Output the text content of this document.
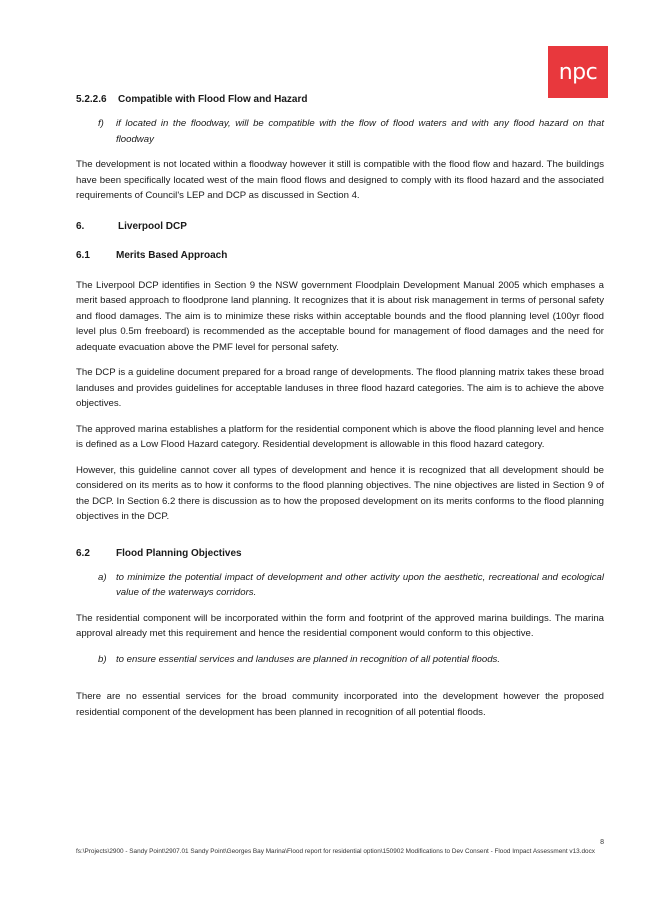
npc
5.2.2.6 Compatible with Flood Flow and Hazard

f) if located in the floodway, will be compatible with the flow of flood waters and with any flood hazard on that floodway

The development is not located within a floodway however it still is compatible with the flood flow and hazard. The buildings have been specifically located west of the main flood flows and designed to comply with its flood hazard and the associated requirements of Council's LEP and DCP as discussed in Section 4.

6.	Liverpool DCP
6.1	Merits Based Approach

The Liverpool DCP identifies in Section 9 the NSW government Floodplain Development Manual 2005 which emphases a merit based approach to floodprone land planning. It recognizes that it is about risk management in terms of personal safety and flood damages. The aim is to minimize these risks within acceptable bounds and the flood planning level (100yr flood level plus 0.5m freeboard) is recommended as the acceptable bound for management of flood damages and the need for adequate evacuation above the PMF level for personal safety.

The DCP is a guideline document prepared for a broad range of developments. The flood planning matrix takes these broad landuses and provides guidelines for acceptable landuses in three flood hazard categories. The aim is to achieve the above objectives.

The approved marina establishes a platform for the residential component which is above the flood planning level and hence is defined as a Low Flood Hazard category. Residential development is allowable in this flood hazard category.

However, this guideline cannot cover all types of development and hence it is recognized that all development should be considered on its merits as to how it conforms to the flood planning objectives. The nine objectives are listed in Section 9 of the DCP. In Section 6.2 there is discussion as to how the proposed development on its merits conforms to the flood planning objectives in the DCP.

6.2	Flood Planning Objectives

a) to minimize the potential impact of development and other activity upon the aesthetic, recreational and ecological value of the waterways corridors.

The residential component will be incorporated within the form and footprint of the approved marina buildings. The marina approval already met this requirement and hence the residential component would conform to this objective.

b) to ensure essential services and landuses are planned in recognition of all potential floods.

There are no essential services for the broad community incorporated into the development however the proposed residential component of the development has been planned in recognition of all potential floods.

8
fs:\Projects\2900 - Sandy Point\2907.01 Sandy Point\Georges Bay Marina\Flood report for residential option\150902 Modifications to Dev Consent - Flood Impact Assessment v13.docx
